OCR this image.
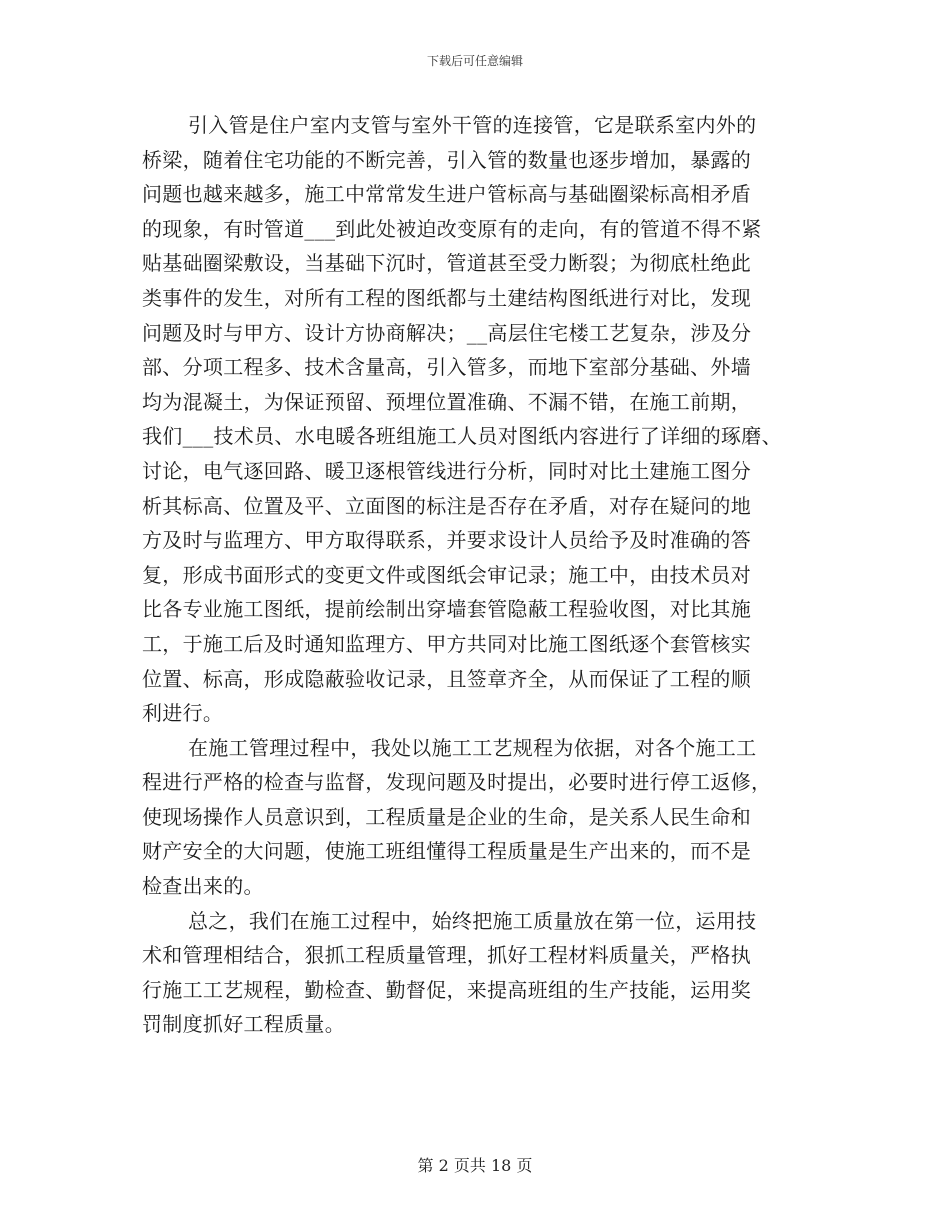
下载后可任意编辑
引入管是住户室内支管与室外干管的连接管，它是联系室内外的
桥梁，随着住宅功能的不断完善，引入管的数量也逐步增加，暴露的
问题也越来越多，施工中常常发生进户管标高与基础圈梁标高相矛盾
的现象，有时管道___到此处被迫改变原有的走向，有的管道不得不紧
贴基础圈梁敷设，当基础下沉时，管道甚至受力断裂；为彻底杜绝此
类事件的发生，对所有工程的图纸都与土建结构图纸进行对比，发现
问题及时与甲方、设计方协商解决；__高层住宅楼工艺复杂，涉及分
部、分项工程多、技术含量高，引入管多，而地下室部分基础、外墙
均为混凝土，为保证预留、预埋位置准确、不漏不错，在施工前期，
我们___技术员、水电暖各班组施工人员对图纸内容进行了详细的琢磨、
讨论，电气逐回路、暖卫逐根管线进行分析，同时对比土建施工图分
析其标高、位置及平、立面图的标注是否存在矛盾，对存在疑问的地
方及时与监理方、甲方取得联系，并要求设计人员给予及时准确的答
复，形成书面形式的变更文件或图纸会审记录；施工中，由技术员对
比各专业施工图纸，提前绘制出穿墙套管隐蔽工程验收图，对比其施
工，于施工后及时通知监理方、甲方共同对比施工图纸逐个套管核实
位置、标高，形成隐蔽验收记录，且签章齐全，从而保证了工程的顺
利进行。
在施工管理过程中，我处以施工工艺规程为依据，对各个施工工
程进行严格的检查与监督，发现问题及时提出，必要时进行停工返修，
使现场操作人员意识到，工程质量是企业的生命，是关系人民生命和
财产安全的大问题，使施工班组懂得工程质量是生产出来的，而不是
检查出来的。
总之，我们在施工过程中，始终把施工质量放在第一位，运用技
术和管理相结合，狠抓工程质量管理，抓好工程材料质量关，严格执
行施工工艺规程，勤检查、勤督促，来提高班组的生产技能，运用奖
罚制度抓好工程质量。
第 2 页共 18 页
